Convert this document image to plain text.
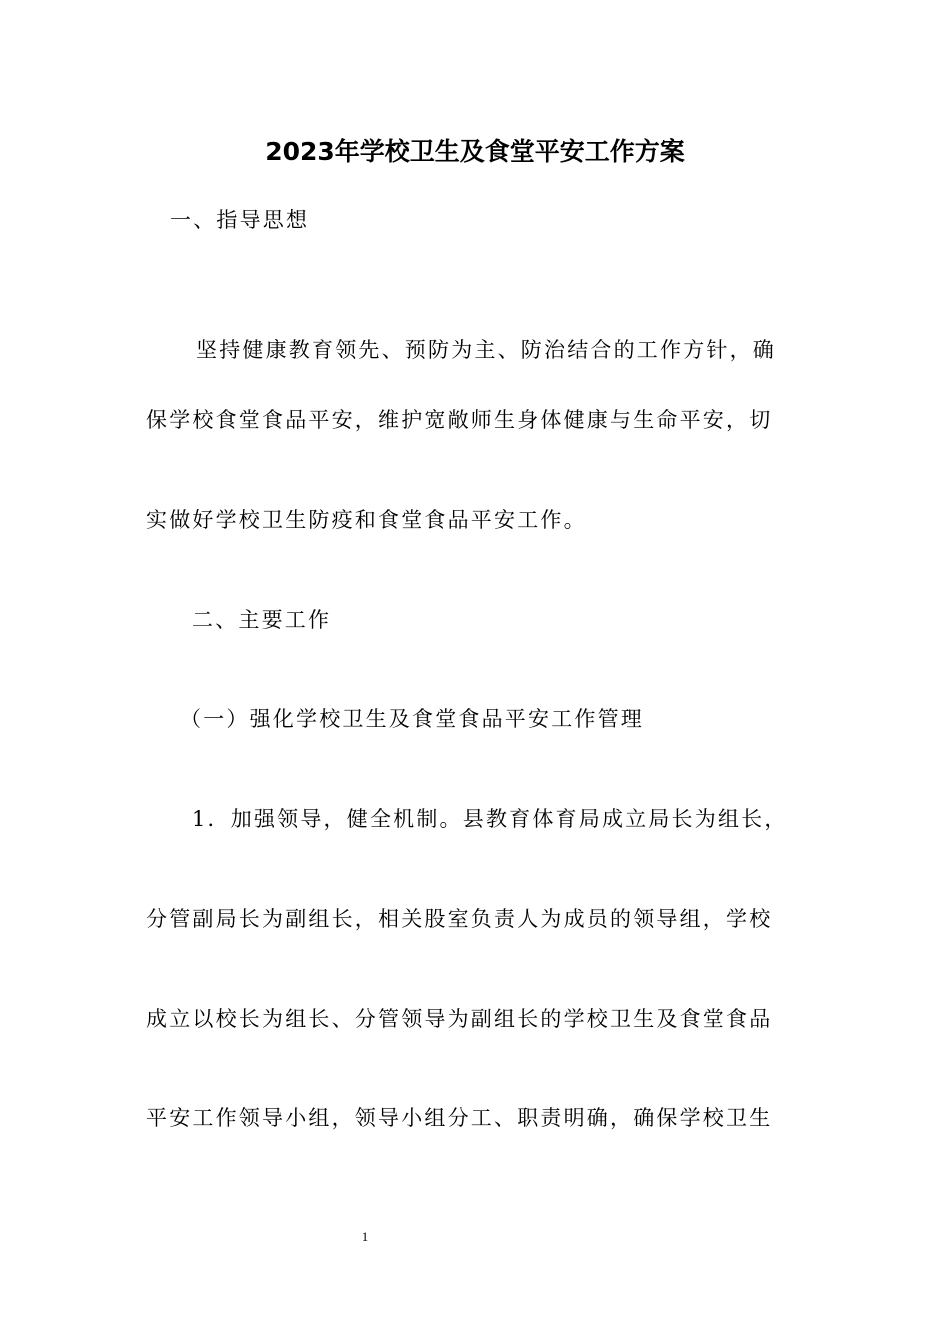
2023年学校卫生及食堂平安工作方案
一、指导思想
坚持健康教育领先、预防为主、防治结合的工作方针，确
保学校食堂食品平安，维护宽敞师生身体健康与生命平安，切
实做好学校卫生防疫和食堂食品平安工作。
二、主要工作
（一）强化学校卫生及食堂食品平安工作管理
1．加强领导，健全机制。县教育体育局成立局长为组长，
分管副局长为副组长，相关股室负责人为成员的领导组，学校
成立以校长为组长、分管领导为副组长的学校卫生及食堂食品
平安工作领导小组，领导小组分工、职责明确，确保学校卫生
1
